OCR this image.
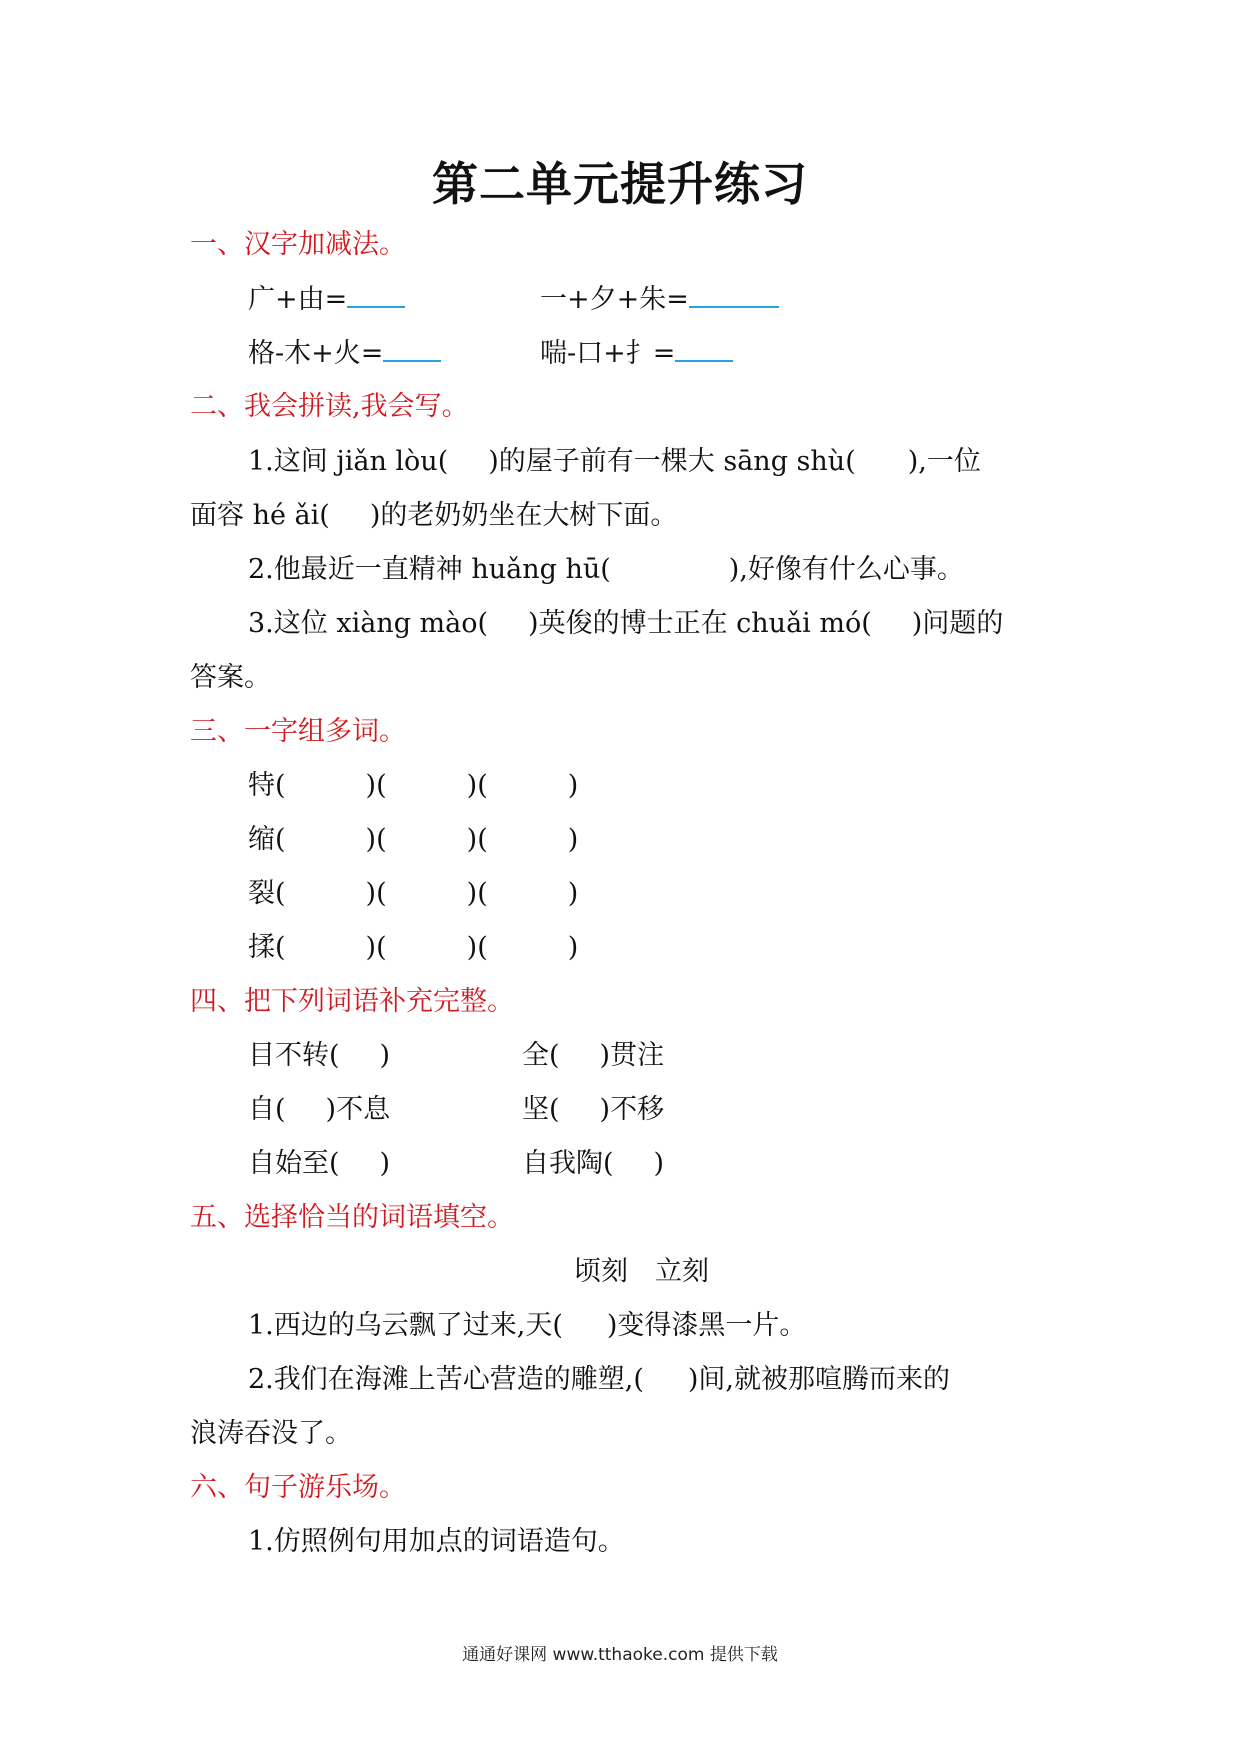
第二单元提升练习
一、汉字加减法。
广+由=	一+夕+朱=
格-木+火=	喘-口+扌=
二、我会拼读,我会写。
1.这间 jiǎn lòu( )的屋子前有一棵大 sāng shù( ),一位
面容 hé ǎi( )的老奶奶坐在大树下面。
2.他最近一直精神 huǎng hū(	),好像有什么心事。
3.这位 xiàng mào( )英俊的博士正在 chuǎi mó( )问题的
答案。
三、一字组多词。
特(	)(	)(	)
缩(	)(	)(	)
裂(	)(	)(	)
揉(	)(	)(	)
四、把下列词语补充完整。
目不转( )	全( )贯注
自( )不息	坚( )不移
自始至( )	自我陶( )
五、选择恰当的词语填空。
顷刻　立刻
1.西边的乌云飘了过来,天( )变得漆黑一片。
2.我们在海滩上苦心营造的雕塑,( )间,就被那喧腾而来的
浪涛吞没了。
六、句子游乐场。
1.仿照例句用加点的词语造句。
通通好课网 www.tthaoke.com 提供下载
